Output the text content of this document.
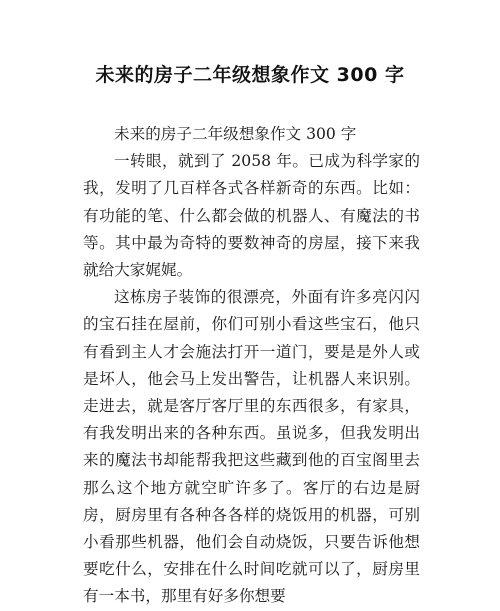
未来的房子二年级想象作文 300 字

未来的房子二年级想象作文 300 字

一转眼，就到了 2058 年。已成为科学家的我，发明了几百样各式各样新奇的东西。比如：有功能的笔、什么都会做的机器人、有魔法的书等。其中最为奇特的要数神奇的房屋，接下来我就给大家娓娓。

这栋房子装饰的很漂亮，外面有许多亮闪闪的宝石挂在屋前，你们可别小看这些宝石，他只有看到主人才会施法打开一道门，要是是外人或是坏人，他会马上发出警告，让机器人来识别。走进去，就是客厅客厅里的东西很多，有家具，有我发明出来的各种东西。虽说多，但我发明出来的魔法书却能帮我把这些藏到他的百宝阁里去那么这个地方就空旷许多了。客厅的右边是厨房，厨房里有各种各各样的烧饭用的机器，可别小看那些机器，他们会自动烧饭，只要告诉他想要吃什么，安排在什么时间吃就可以了，厨房里有一本书，那里有好多你想要
